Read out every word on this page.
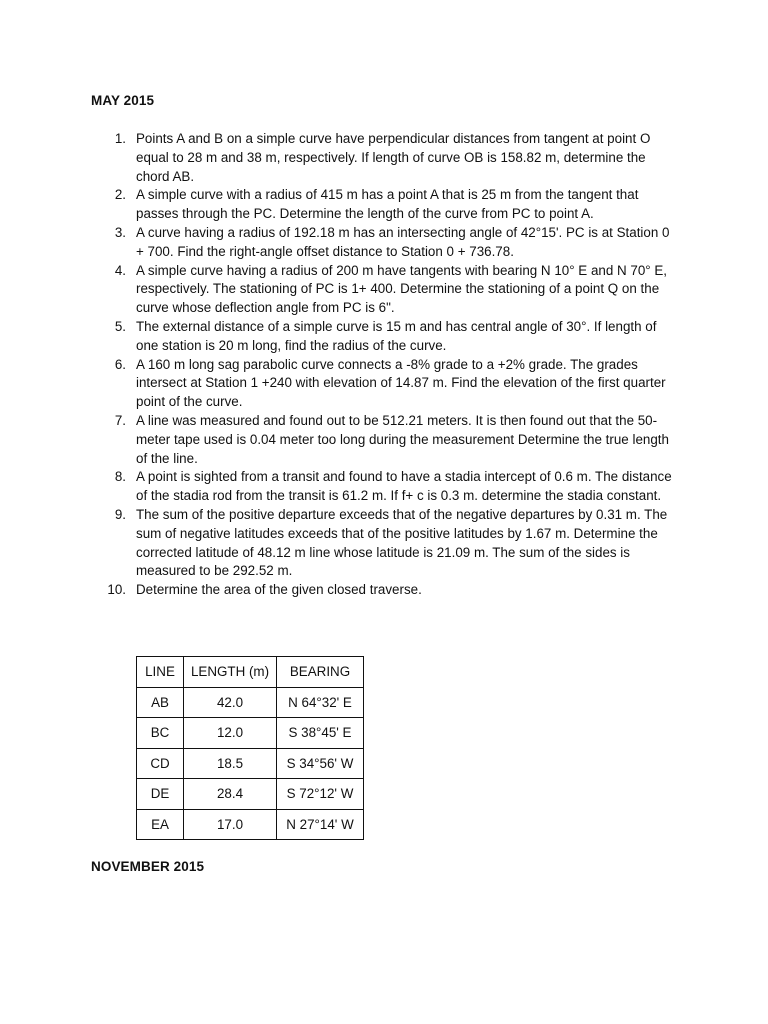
MAY 2015
1. Points A and B on a simple curve have perpendicular distances from tangent at point O equal to 28 m and 38 m, respectively. If length of curve OB is 158.82 m, determine the chord AB.
2. A simple curve with a radius of 415 m has a point A that is 25 m from the tangent that passes through the PC. Determine the length of the curve from PC to point A.
3. A curve having a radius of 192.18 m has an intersecting angle of 42°15'. PC is at Station 0 + 700. Find the right-angle offset distance to Station 0 + 736.78.
4. A simple curve having a radius of 200 m have tangents with bearing N 10° E and N 70° E, respectively. The stationing of PC is 1+ 400. Determine the stationing of a point Q on the curve whose deflection angle from PC is 6".
5. The external distance of a simple curve is 15 m and has central angle of 30°. If length of one station is 20 m long, find the radius of the curve.
6. A 160 m long sag parabolic curve connects a -8% grade to a +2% grade. The grades intersect at Station 1 +240 with elevation of 14.87 m. Find the elevation of the first quarter point of the curve.
7. A line was measured and found out to be 512.21 meters. It is then found out that the 50-meter tape used is 0.04 meter too long during the measurement Determine the true length of the line.
8. A point is sighted from a transit and found to have a stadia intercept of 0.6 m. The distance of the stadia rod from the transit is 61.2 m. If f+ c is 0.3 m. determine the stadia constant.
9. The sum of the positive departure exceeds that of the negative departures by 0.31 m. The sum of negative latitudes exceeds that of the positive latitudes by 1.67 m. Determine the corrected latitude of 48.12 m line whose latitude is 21.09 m. The sum of the sides is measured to be 292.52 m.
10. Determine the area of the given closed traverse.
LINE	LENGTH (m)	BEARING
AB	42.0	N 64°32' E
BC	12.0	S 38°45' E
CD	18.5	S 34°56' W
DE	28.4	S 72°12' W
EA	17.0	N 27°14' W
NOVEMBER 2015
